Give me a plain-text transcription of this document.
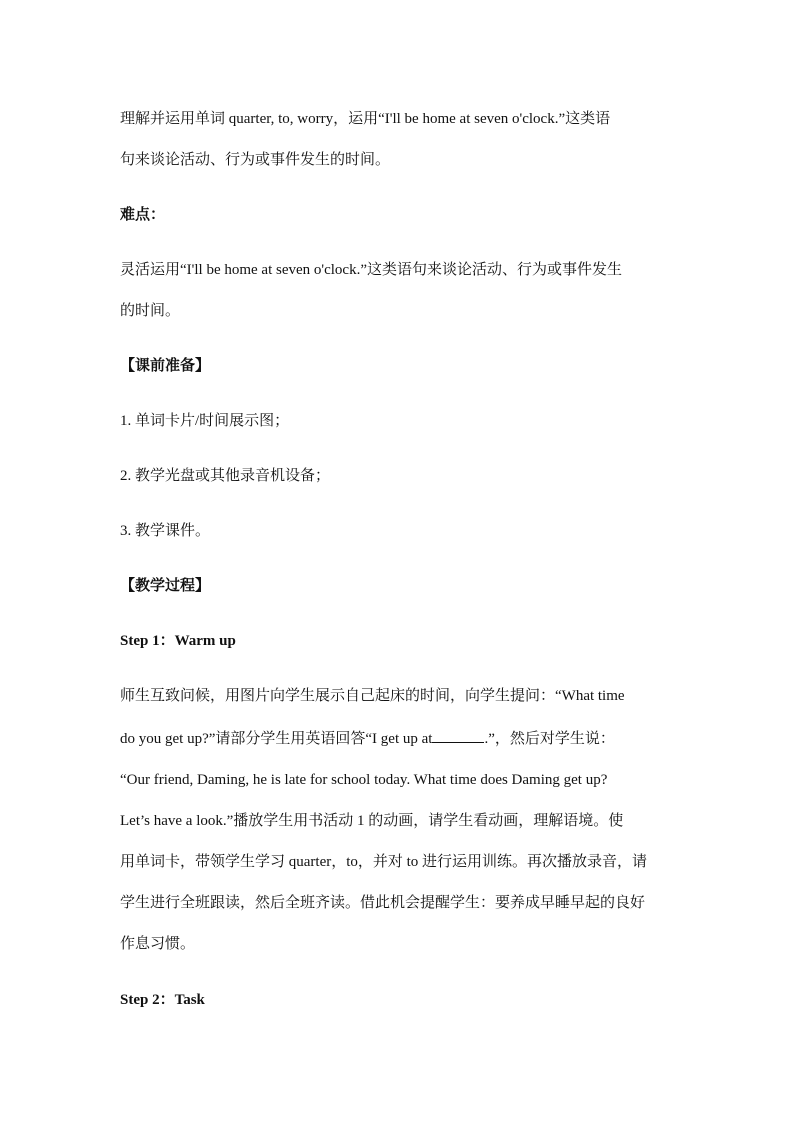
理解并运用单词 quarter, to, worry，运用“I'll be home at seven o'clock.”这类语
句来谈论活动、行为或事件发生的时间。
难点：
灵活运用“I'll be home at seven o'clock.”这类语句来谈论活动、行为或事件发生
的时间。
【课前准备】
1. 单词卡片/时间展示图；
2. 教学光盘或其他录音机设备；
3. 教学课件。
【教学过程】
Step 1：Warm up
师生互致问候，用图片向学生展示自己起床的时间，向学生提问：“What time
do you get up?”请部分学生用英语回答“I get up at	.”，然后对学生说：
“Our friend, Daming, he is late for school today. What time does Daming get up?
Let’s have a look.”播放学生用书活动 1 的动画，请学生看动画，理解语境。使
用单词卡，带领学生学习 quarter，to，并对 to 进行运用训练。再次播放录音，请
学生进行全班跟读，然后全班齐读。借此机会提醒学生：要养成早睡早起的良好
作息习惯。
Step 2：Task
